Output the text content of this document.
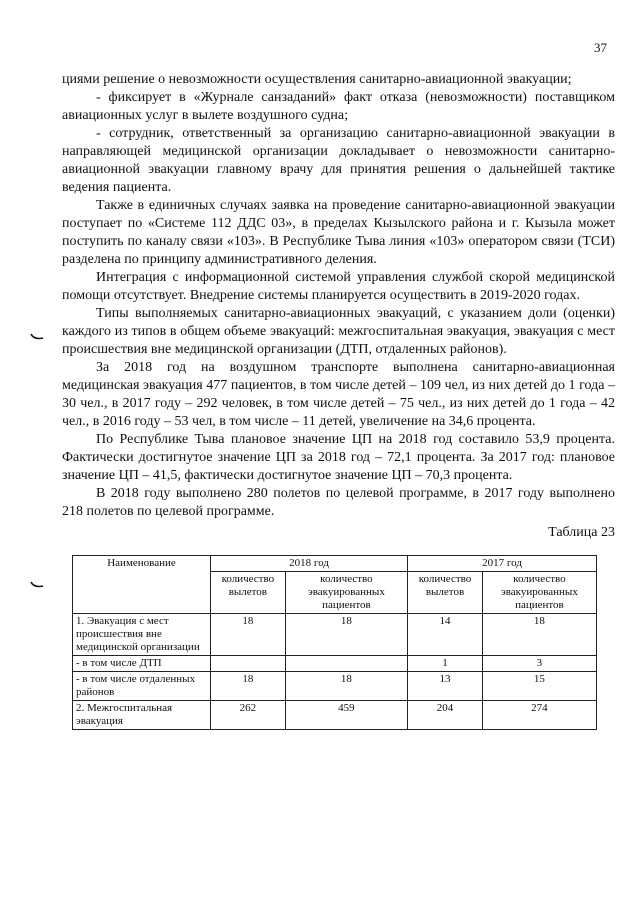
37

циями решение о невозможности осуществления санитарно-авиационной эвакуации;

- фиксирует в «Журнале санзаданий» факт отказа (невозможности) поставщиком авиационных услуг в вылете воздушного судна;

- сотрудник, ответственный за организацию санитарно-авиационной эвакуации в направляющей медицинской организации докладывает о невозможности санитарно-авиационной эвакуации главному врачу для принятия решения о дальнейшей тактике ведения пациента.

Также в единичных случаях заявка на проведение санитарно-авиационной эвакуации поступает по «Системе 112 ДДС 03», в пределах Кызылского района и г. Кызыла может поступить по каналу связи «103». В Республике Тыва линия «103» оператором связи (ТСИ) разделена по принципу административного деления.

Интеграция с информационной системой управления службой скорой медицинской помощи отсутствует. Внедрение системы планируется осуществить в 2019-2020 годах.

Типы выполняемых санитарно-авиационных эвакуаций, с указанием доли (оценки) каждого из типов в общем объеме эвакуаций: межгоспитальная эвакуация, эвакуация с мест происшествия вне медицинской организации (ДТП, отдаленных районов).

За 2018 год на воздушном транспорте выполнена санитарно-авиационная медицинская эвакуация 477 пациентов, в том числе детей – 109 чел, из них детей до 1 года – 30 чел., в 2017 году – 292 человек, в том числе детей – 75 чел., из них детей до 1 года – 42 чел., в 2016 году – 53 чел, в том числе – 11 детей, увеличение на 34,6 процента.

По Республике Тыва плановое значение ЦП на 2018 год составило 53,9 процента. Фактически достигнутое значение ЦП за 2018 год – 72,1 процента. За 2017 год: плановое значение ЦП – 41,5, фактически достигнутое значение ЦП – 70,3 процента.

В 2018 году выполнено 280 полетов по целевой программе, в 2017 году выполнено 218 полетов по целевой программе.

Таблица 23
Наименование	2018 год		2017 год	
	количество вылетов	количество эвакуированных пациентов	количество вылетов	количество эвакуированных пациентов
1. Эвакуация с мест происшествия вне медицинской организации	18	18	14	18
- в том числе ДТП			1	3
- в том числе отдаленных районов	18	18	13	15
2. Межгоспитальная эвакуация	262	459	204	274
